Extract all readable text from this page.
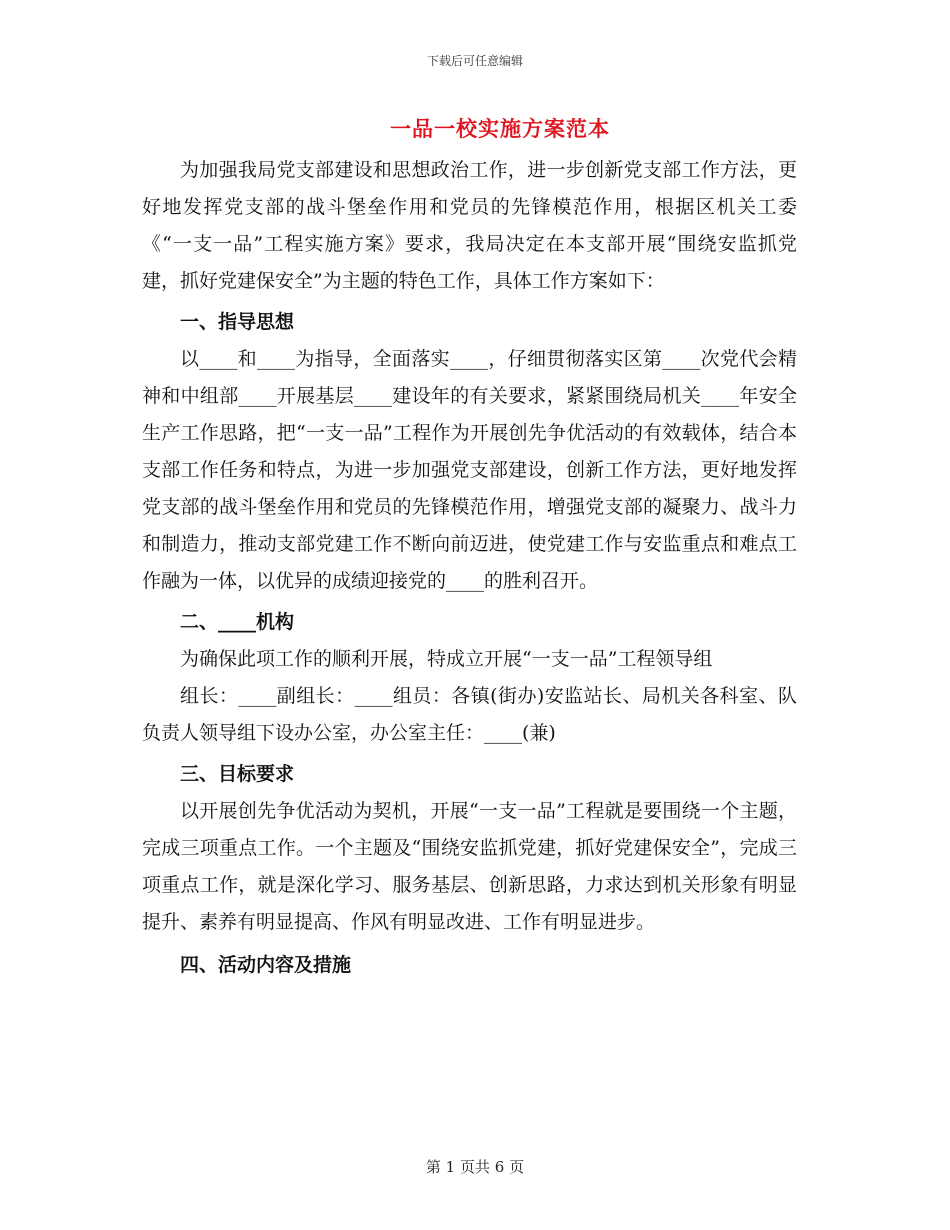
下载后可任意编辑
一品一校实施方案范本

为加强我局党支部建设和思想政治工作，进一步创新党支部工作方法，更好地发挥党支部的战斗堡垒作用和党员的先锋模范作用，根据区机关工委《“一支一品”工程实施方案》要求，我局决定在本支部开展“围绕安监抓党建，抓好党建保安全”为主题的特色工作，具体工作方案如下：

一、指导思想

以____和____为指导，全面落实____，仔细贯彻落实区第____次党代会精神和中组部____开展基层____建设年的有关要求，紧紧围绕局机关____年安全生产工作思路，把“一支一品”工程作为开展创先争优活动的有效载体，结合本支部工作任务和特点，为进一步加强党支部建设，创新工作方法，更好地发挥党支部的战斗堡垒作用和党员的先锋模范作用，增强党支部的凝聚力、战斗力和制造力，推动支部党建工作不断向前迈进，使党建工作与安监重点和难点工作融为一体，以优异的成绩迎接党的____的胜利召开。

二、____机构

为确保此项工作的顺利开展，特成立开展“一支一品”工程领导组

组长：____副组长：____组员：各镇(街办)安监站长、局机关各科室、队负责人领导组下设办公室，办公室主任：____(兼)

三、目标要求

以开展创先争优活动为契机，开展“一支一品”工程就是要围绕一个主题，完成三项重点工作。一个主题及“围绕安监抓党建，抓好党建保安全”，完成三项重点工作，就是深化学习、服务基层、创新思路，力求达到机关形象有明显提升、素养有明显提高、作风有明显改进、工作有明显进步。

四、活动内容及措施
第 1 页共 6 页
